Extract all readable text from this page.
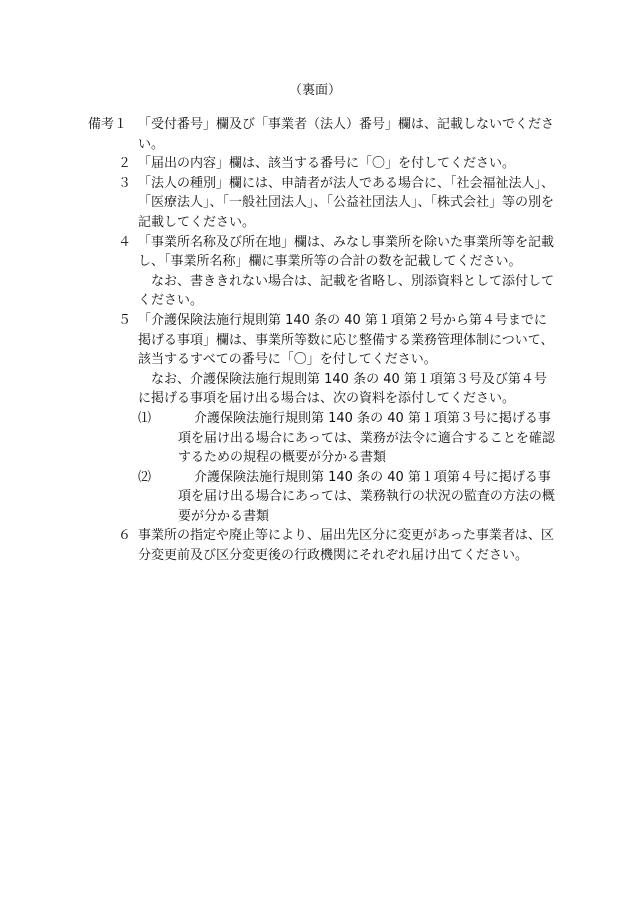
（裏面）
備考１ 「受付番号」欄及び「事業者（法人）番号」欄は、記載しないでください。
２ 「届出の内容」欄は、該当する番号に「〇」を付してください。
３ 「法人の種別」欄には、申請者が法人である場合に、「社会福祉法人」、「医療法人」、「一般社団法人」、「公益社団法人」、「株式会社」等の別を記載してください。
４ 「事業所名称及び所在地」欄は、みなし事業所を除いた事業所等を記載し、「事業所名称」欄に事業所等の合計の数を記載してください。
なお、書ききれない場合は、記載を省略し、別添資料として添付してください。
５ 「介護保険法施行規則第 140 条の 40 第１項第２号から第４号までに掲げる事項」欄は、事業所等数に応じ整備する業務管理体制について、該当するすべての番号に「〇」を付してください。
なお、介護保険法施行規則第 140 条の 40 第１項第３号及び第４号に掲げる事項を届け出る場合は、次の資料を添付してください。
⑴	介護保険法施行規則第 140 条の 40 第１項第３号に掲げる事項を届け出る場合にあっては、業務が法令に適合することを確認するための規程の概要が分かる書類
⑵	介護保険法施行規則第 140 条の 40 第１項第４号に掲げる事項を届け出る場合にあっては、業務執行の状況の監査の方法の概要が分かる書類
６ 事業所の指定や廃止等により、届出先区分に変更があった事業者は、区分変更前及び区分変更後の行政機関にそれぞれ届け出てください。
